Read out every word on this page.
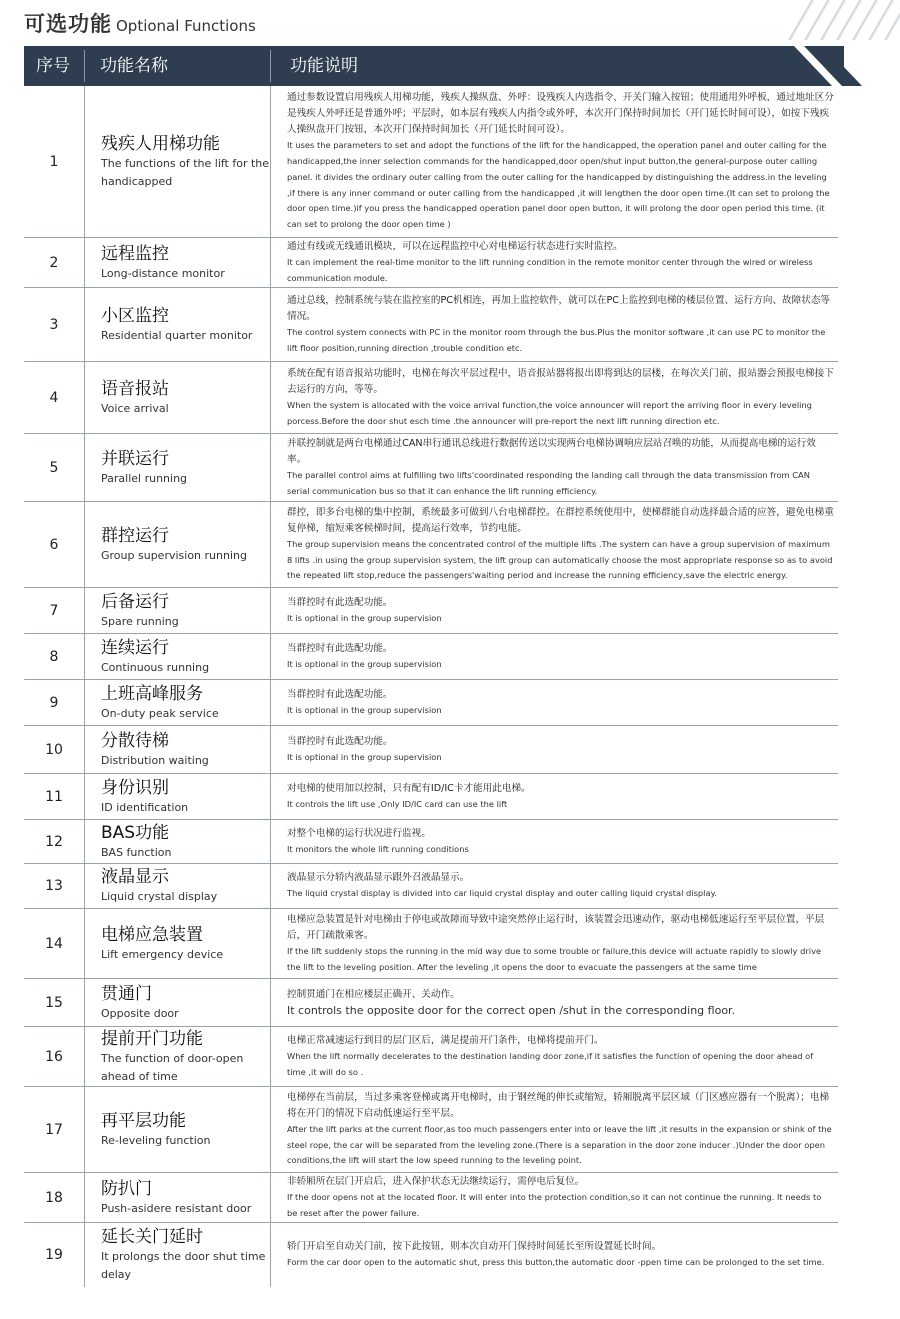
可选功能 Optional Functions
序号	功能名称	功能说明
1
残疾人用梯功能
The functions of the lift for the handicapped
通过参数设置启用残疾人用梯功能，残疾人操纵盘、外呼：设残疾人内选指令、开关门输入按钮；使用通用外呼板，通过地址区分是残疾人外呼还是普通外呼；平层时，如本层有残疾人内指令或外呼，本次开门保持时间加长（开门延长时间可设），如按下残疾人操纵盘开门按钮，本次开门保持时间加长（开门延长时间可设）。
It uses the parameters to set and adopt the functions of the lift for the handicapped, the operation panel and outer calling for the handicapped,the inner selection commands for the handicapped,door open/shut input button,the general-purpose outer calling panel. it divides the ordinary outer calling from the outer calling for the handicapped by distinguishing the address.in the leveling ,if there is any inner command or outer calling from the handicapped ,it will lengthen the door open time.(It can set to prolong the door open time.)if you press the handicapped operation panel door open button, it will prolong the door open period this time. (it can set to prolong the door open time )
2	远程监控
Long-distance monitor
通过有线或无线通讯模块，可以在远程监控中心对电梯运行状态进行实时监控。
It can implement the real-time monitor to the lift running condition in the remote monitor center through the wired or wireless communication module.
3	小区监控
Residential quarter monitor
通过总线，控制系统与装在监控室的PC机相连，再加上监控软件，就可以在PC上监控到电梯的楼层位置、运行方向、故障状态等情况。
The control system connects with PC in the monitor room through the bus.Plus the monitor software ,it can use PC to monitor the lift floor position,running direction ,trouble condition etc.
4	语音报站
Voice arrival
系统在配有语音报站功能时，电梯在每次平层过程中，语音报站器将报出即将到达的层楼，在每次关门前，报站器会预报电梯接下去运行的方向，等等。
When the system is allocated with the voice arrival function,the voice announcer will report the arriving floor in every leveling porcess.Before the door shut esch time .the announcer will pre-report the next lift running direction etc.
5	并联运行
Parallel running
并联控制就是两台电梯通过CAN串行通讯总线进行数据传送以实现两台电梯协调响应层站召唤的功能，从而提高电梯的运行效率。
The parallel control aims at fulfilling two lifts'coordinated responding the landing call through the data transmission from CAN serial communication bus so that it can enhance the lift running efficiency.
6	群控运行
Group supervision running
群控，即多台电梯的集中控制，系统最多可做到八台电梯群控。在群控系统使用中，使梯群能自动选择最合适的应答，避免电梯重复停梯，缩短乘客候梯时间，提高运行效率，节约电能。
The group supervision means the concentrated control of the multiple lifts .The system can have a group supervision of maximum 8 lifts .in using the group supervision system, the lift group can automatically choose the most appropriate response so as to avoid the repeated lift stop,reduce the passengers'waiting period and increase the running efficiency,save the electric energy.
7	后备运行
Spare running
当群控时有此选配功能。
It is optional in the group supervision
8	连续运行
Continuous running
当群控时有此选配功能。
It is optional in the group supervision
9	上班高峰服务
On-duty peak service
当群控时有此选配功能。
It is optional in the group supervision
10	分散待梯
Distribution waiting
当群控时有此选配功能。
It is optional in the group supervision
11	身份识别
ID identification
对电梯的使用加以控制，只有配有ID/IC卡才能用此电梯。
It controls the lift use ,Only ID/IC card can use the lift
12	BAS功能
BAS function
对整个电梯的运行状况进行监视。
It monitors the whole lift running conditions
13	液晶显示
Liquid crystal display
液晶显示分轿内液晶显示跟外召液晶显示。
The liquid crystal display is divided into car liquid crystal display and outer calling liquid crystal display.
14	电梯应急装置
Lift emergency device
电梯应急装置是针对电梯由于停电或故障而导致中途突然停止运行时，该装置会迅速动作，驱动电梯低速运行至平层位置，平层后，开门疏散乘客。
If the lift suddenly stops the running in the mid way due to some trouble or failure,this device will actuate rapidly to slowly drive the lift to the leveling position. After the leveling ,it opens the door to evacuate the passengers at the same time
15	贯通门
Opposite door
控制贯通门在相应楼层正确开、关动作。
It controls the opposite door for the correct open /shut in the corresponding floor.
16
提前开门功能
The function of door-open ahead of time
电梯正常减速运行到目的层门区后，满足提前开门条件，电梯将提前开门。
When the lift normally decelerates to the destination landing door zone,if it satisfies the function of opening the door ahead of time ,it will do so .
17	再平层功能
Re-leveling function
电梯停在当前层，当过多乘客登梯或离开电梯时，由于钢丝绳的伸长或缩短，轿厢脱离平层区域（门区感应器有一个脱离）；电梯将在开门的情况下启动低速运行至平层。
After the lift parks at the current floor,as too much passengers enter into or leave the lift ,it results in the expansion or shink of the steel rope, the car will be separated from the leveling zone.(There is a separation in the door zone inducer .)Under the door open conditions,the lift will start the low speed running to the leveling point.
18	防扒门
Push-asidere resistant door
非轿厢所在层门开启后，进入保护状态无法继续运行，需停电后复位。
If the door opens not at the located floor. It will enter into the protection condition,so it can not continue the running. It needs to be reset after the power failure.
19
延长关门延时
It prolongs the door shut time delay
轿门开启至自动关门前，按下此按钮，则本次自动开门保持时间延长至所设置延长时间。
Form the car door open to the automatic shut, press this button,the automatic door -ppen time can be prolonged to the set time.
